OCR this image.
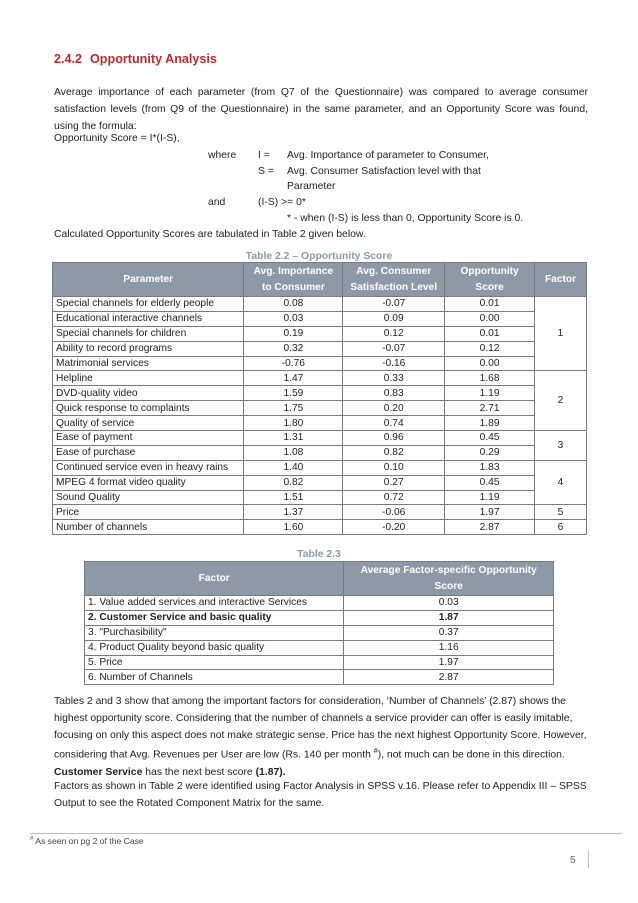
2.4.2 Opportunity Analysis

Average importance of each parameter (from Q7 of the Questionnaire) was compared to average consumer satisfaction levels (from Q9 of the Questionnaire) in the same parameter, and an Opportunity Score was found, using the formula:

Opportunity Score = I*(I-S),
where I = Avg. Importance of parameter to Consumer,
S = Avg. Consumer Satisfaction level with that
Parameter
and	(I-S) >= 0*
* - when (I-S) is less than 0, Opportunity Score is 0.
Calculated Opportunity Scores are tabulated in Table 2 given below.
Table 2.2 – Opportunity Score
Parameter	Avg. Importance to Consumer	Avg. Consumer Satisfaction Level	Opportunity Score	Factor
Special channels for elderly people	0.08	-0.07	0.01	1
Educational interactive channels	0.03	0.09	0.00	
Special channels for children	0.19	0.12	0.01	
Ability to record programs	0.32	-0.07	0.12	
Matrimonial services	-0.76	-0.16	0.00	
Helpline	1.47	0.33	1.68	2
DVD-quality video	1.59	0.83	1.19	
Quick response to complaints	1.75	0.20	2.71	
Quality of service	1.80	0.74	1.89	
Ease of payment	1.31	0.96	0.45	3
Ease of purchase	1.08	0.82	0.29	
Continued service even in heavy rains	1.40	0.10	1.83	4
MPEG 4 format video quality	0.82	0.27	0.45	
Sound Quality	1.51	0.72	1.19	
Price	1.37	-0.06	1.97	5
Number of channels	1.60	-0.20	2.87	6
Table 2.3
Factor	Average Factor-specific Opportunity Score
1. Value added services and interactive Services	0.03
2. Customer Service and basic quality	1.87
3. "Purchasibility"	0.37
4. Product Quality beyond basic quality	1.16
5. Price	1.97
6. Number of Channels	2.87

Tables 2 and 3 show that among the important factors for consideration, ‘Number of Channels’ (2.87) shows the highest opportunity score. Considering that the number of channels a service provider can offer is easily imitable, focusing on only this aspect does not make strategic sense. Price has the next highest Opportunity Score. However, considering that Avg. Revenues per User are low (Rs. 140 per month #), not much can be done in this direction. Customer Service has the next best score (1.87).

Factors as shown in Table 2 were identified using Factor Analysis in SPSS v.16. Please refer to Appendix III – SPSS Output to see the Rotated Component Matrix for the same.

# As seen on pg 2 of the Case
5
